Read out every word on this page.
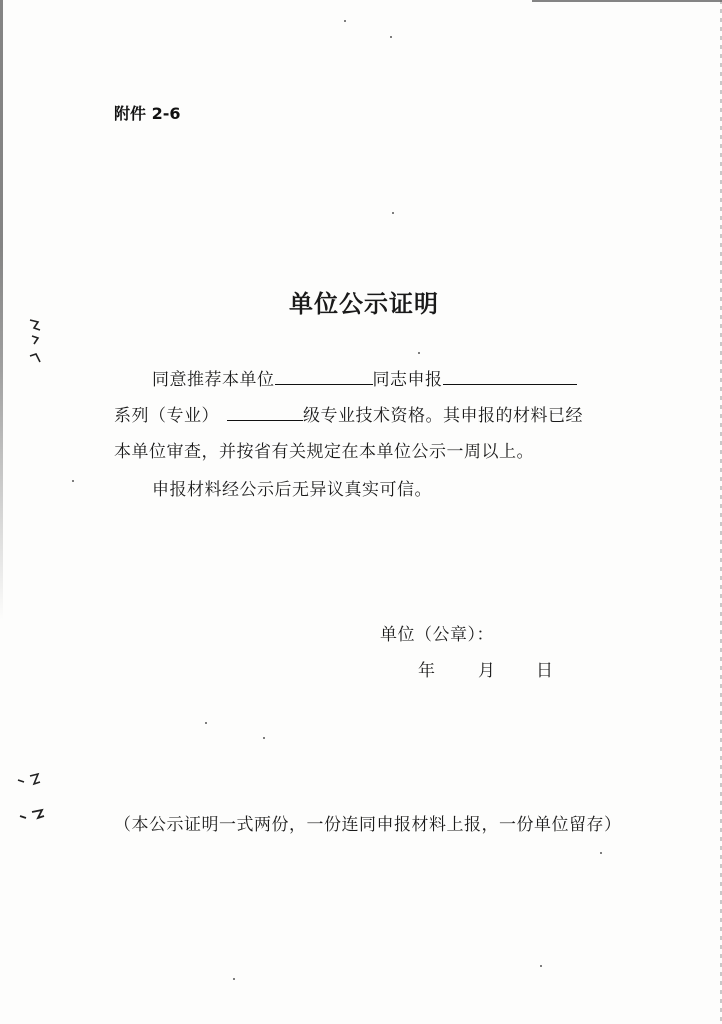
附件 2-6
单位公示证明
同意推荐本单位	同志申报
系列（专业）	级专业技术资格。其申报的材料已经
本单位审查，并按省有关规定在本单位公示一周以上。
申报材料经公示后无异议真实可信。
单位（公章）：
年	月 日
（本公示证明一式两份，一份连同申报材料上报，一份单位留存）
